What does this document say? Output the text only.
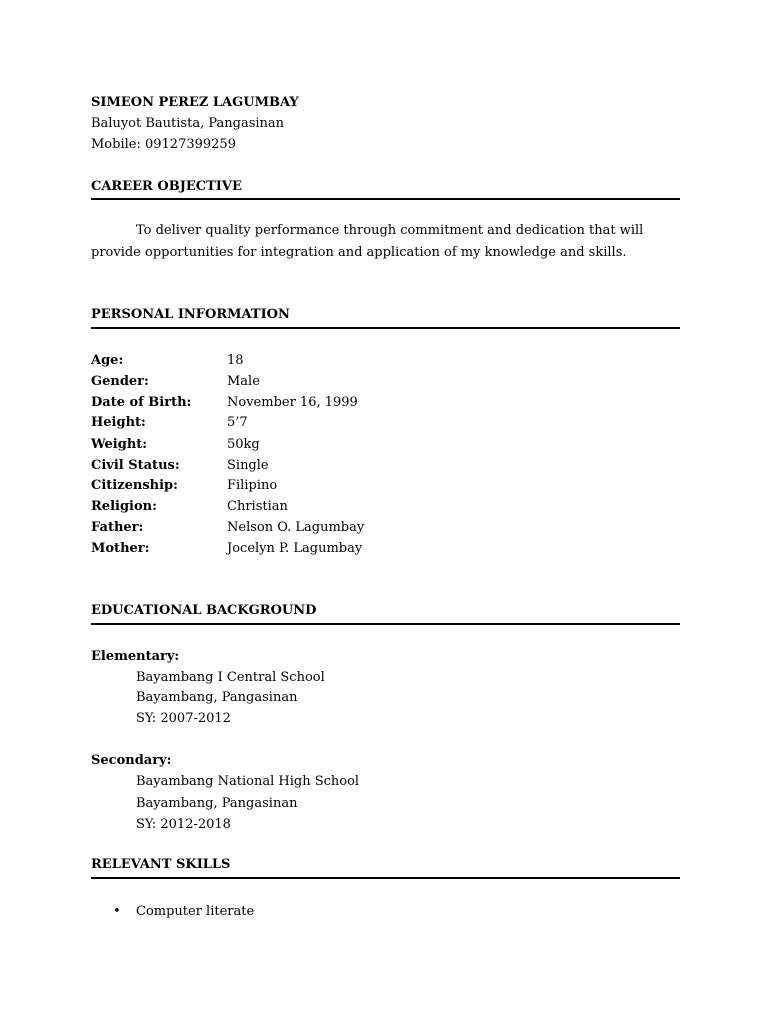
SIMEON PEREZ LAGUMBAY
Baluyot Bautista, Pangasinan
Mobile: 09127399259
CAREER OBJECTIVE
To deliver quality performance through commitment and dedication that will
provide opportunities for integration and application of my knowledge and skills.
PERSONAL INFORMATION
Age:	18
Gender:	Male
Date of Birth:	November 16, 1999
Height:	5’7
Weight:	50kg
Civil Status:	Single
Citizenship:	Filipino
Religion:	Christian
Father:	Nelson O. Lagumbay
Mother:	Jocelyn P. Lagumbay
EDUCATIONAL BACKGROUND
Elementary:
Bayambang I Central School
Bayambang, Pangasinan
SY: 2007-2012
Secondary:
Bayambang National High School
Bayambang, Pangasinan
SY: 2012-2018
RELEVANT SKILLS
• Computer literate
